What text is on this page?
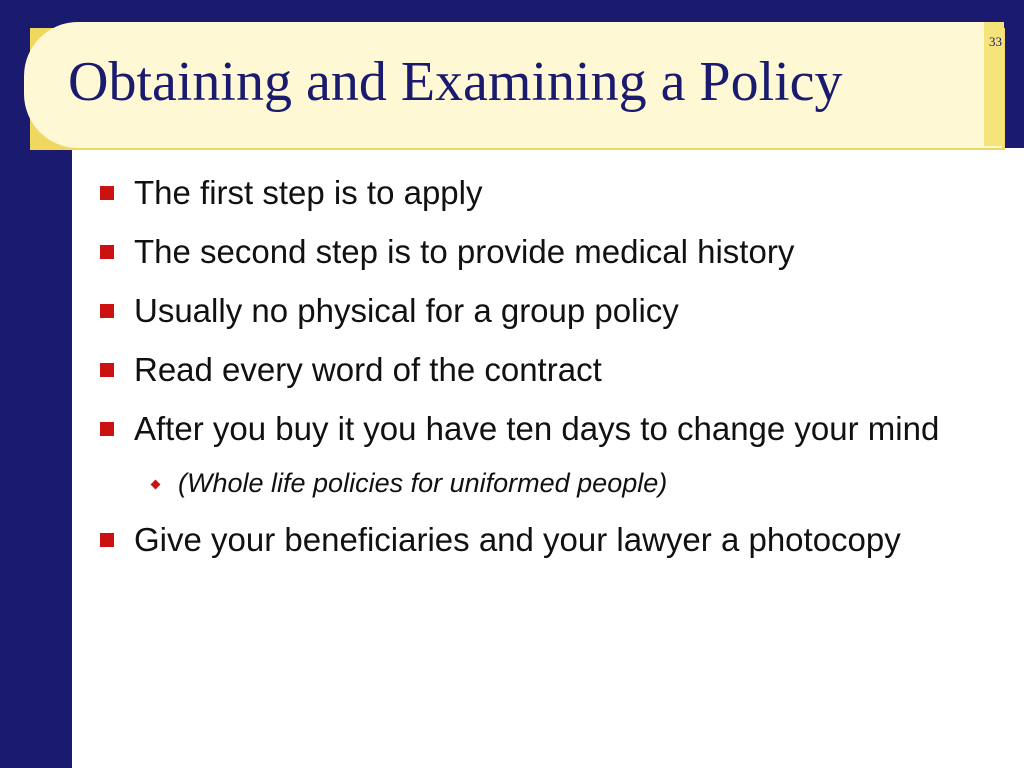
33
Obtaining and Examining a Policy
The first step is to apply
The second step is to provide medical history
Usually no physical for a group policy
Read every word of the contract
After you buy it you have ten days to change your mind
(Whole life policies for uniformed people)
Give your beneficiaries and your lawyer a photocopy
